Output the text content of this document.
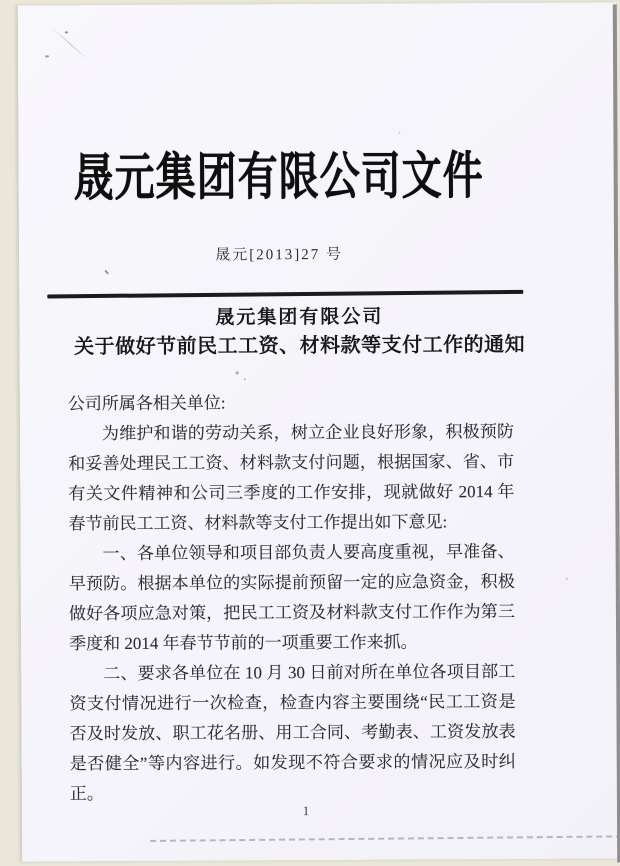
晟元集团有限公司文件
晟元[2013]27 号
晟元集团有限公司
关于做好节前民工工资、材料款等支付工作的通知

公司所属各相关单位:

为维护和谐的劳动关系，树立企业良好形象，积极预防和妥善处理民工工资、材料款支付问题，根据国家、省、市有关文件精神和公司三季度的工作安排，现就做好 2014 年春节前民工工资、材料款等支付工作提出如下意见:

一、各单位领导和项目部负责人要高度重视，早准备、早预防。根据本单位的实际提前预留一定的应急资金，积极做好各项应急对策，把民工工资及材料款支付工作作为第三季度和 2014 年春节节前的一项重要工作来抓。

二、要求各单位在 10 月 30 日前对所在单位各项目部工资支付情况进行一次检查，检查内容主要围绕“民工工资是否及时发放、职工花名册、用工合同、考勤表、工资发放表是否健全”等内容进行。如发现不符合要求的情况应及时纠正。

1
